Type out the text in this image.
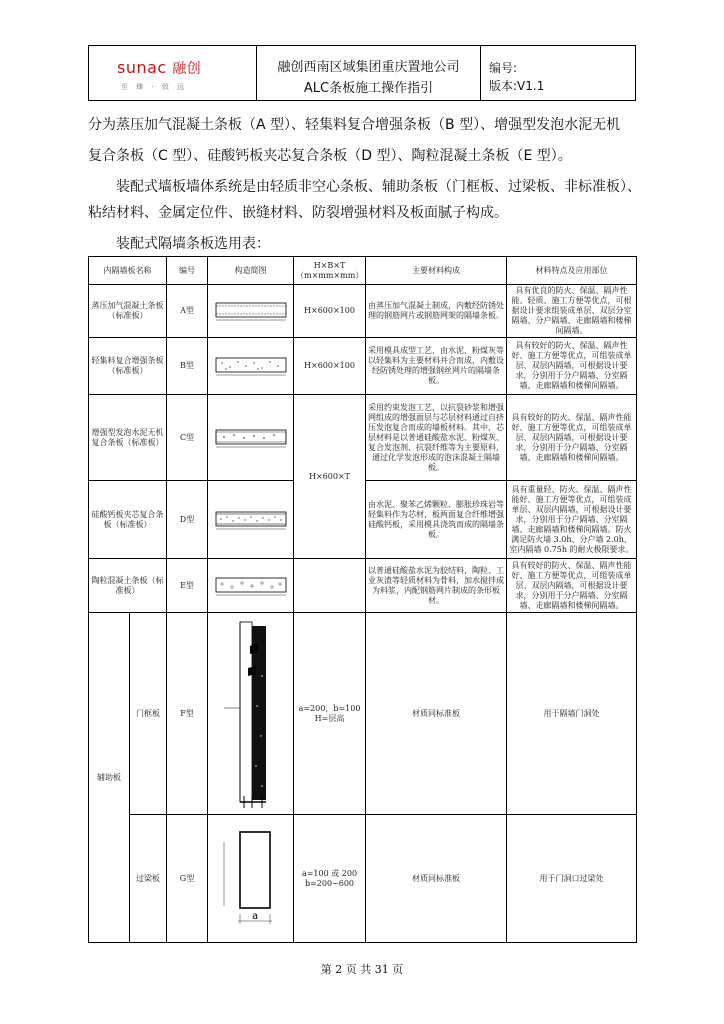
sunac 融创
至 臻 · 致 远
融创西南区域集团重庆置地公司
ALC条板施工操作指引
编号:
版本:V1.1
分为蒸压加气混凝土条板（A 型）、轻集料复合增强条板（B 型）、增强型发泡水泥无机
复合条板（C 型）、硅酸钙板夹芯复合条板（D 型）、陶粒混凝土条板（E 型）。
装配式墙板墙体系统是由轻质非空心条板、辅助条板（门框板、过梁板、非标准板）、
粘结材料、金属定位件、嵌缝材料、防裂增强材料及板面腻子构成。
装配式隔墙条板选用表：
内隔墙板名称		编号	构造简图	H×B×T（m×mm×mm）	主要材料构成	材料特点及应用部位
蒸压加气混凝土条板（标准板）		A型		H×600×100	由蒸压加气混凝土制成，内敷经防锈处理的钢筋网片或钢筋网架的隔墙条板。	具有优良的防火、保温、隔声性能、轻质、施工方便等优点，可根据设计要求组装成单层、双层分室隔墙、分户隔墙、走廊隔墙和楼梯间隔墙。
轻集料复合增强条板（标准板）		B型		H×600×100	采用模具成型工艺，由水泥、粉煤灰等以轻集料为主要材料并合而成，内敷设经防锈处理的增强钢丝网片的隔墙条板。	具有较好的防火、保温、隔声性好、施工方便等优点，可组装成单层、双层内隔墙，可根据设计要求，分别用于分户隔墙、分室隔墙、走廊隔墙和楼梯间隔墙。
增强型发泡水泥无机复合条板（标准板）		C型		H×600×T	采用约束发泡工艺，以抗裂砂浆和增强网组成的增强面层与芯层材料通过自挤压发泡复合而成的墙板材料。其中，芯层材料是以普通硅酸盐水泥、粉煤灰、复合发泡剂、抗裂纤维等为主要原料，通过化学发泡形成的泡沫混凝土隔墙板。	具有较好的防火、保温、隔声性能好、施工方便等优点，可组装成单层、双层内隔墙，可根据设计要求，分别用于分户隔墙、分室隔墙、走廊隔墙和楼梯间隔墙。
硅酸钙板夹芯复合条板（标准板）		D型			由水泥、聚苯乙烯颗粒、膨胀珍珠岩等轻集料作为芯材，板两面复合纤维增强硅酸钙板，采用模具浇筑而成的隔墙条板。	具有重量轻、防火、保温、隔声性能好、施工方便等优点，可组装成单层、双层内隔墙，可根据设计要求，分别用于分户隔墙、分室隔墙、走廊隔墙和楼梯间隔墙。防火满足防火墙 3.0h、分户墙 2.0h、室内隔墙 0.75h 的耐火极限要求。
陶粒混凝土条板（标准板）		E型			以普通硅酸盐水泥为胶结料，陶粒、工业灰渣等轻质材料为骨料，加水搅拌成为料浆，内配钢筋网片制成的条形板材。	具有较好的防火、保温、隔声性能好、施工方便等优点，可组装成单层、双层内隔墙，可根据设计要求，分别用于分户隔墙、分室隔墙、走廊隔墙和楼梯间隔墙。
辅助板	门框板	F型		a=200，b=100
H=层高	材质同标准板	用于隔墙门洞处
	过梁板	G型	a	a=100 或 200
b=200~600	材质同标准板	用于门洞口过梁处
第 2 页 共 31 页
